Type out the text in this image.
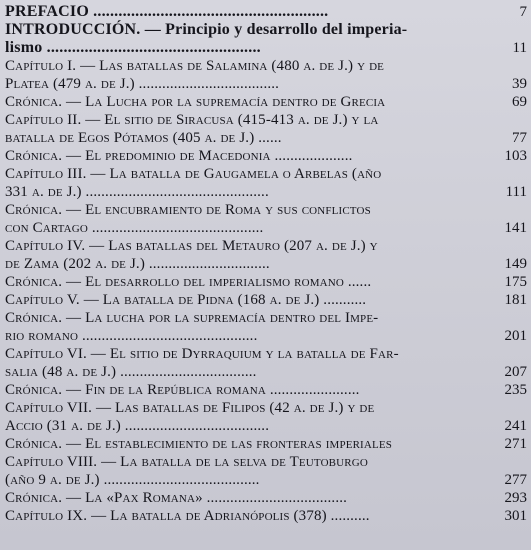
PREFACIO ........................................................	7
INTRODUCCIÓN. — Principio y desarrollo del imperia-
lismo ...................................................	11
Capítulo I. — Las batallas de Salamina (480 a. de J.) y de
Platea (479 a. de J.) ....................................	39
Crónica. — La Lucha por la supremacía dentro de Grecia	69
Capítulo II. — El sitio de Siracusa (415-413 a. de J.) y la
batalla de Egos Pótamos (405 a. de J.) ......	77
Crónica. — El predominio de Macedonia ....................	103
Capítulo III. — La batalla de Gaugamela o Arbelas (año
331 a. de J.) ...............................................	111
Crónica. — El encubramiento de Roma y sus conflictos
con Cartago ............................................	141
Capítulo IV. — Las batallas del Metauro (207 a. de J.) y
de Zama (202 a. de J.) ...............................	149
Crónica. — El desarrollo del imperialismo romano ......	175
Capítulo V. — La batalla de Pidna (168 a. de J.) ...........	181
Crónica. — La lucha por la supremacía dentro del Impe-
rio romano .............................................	201
Capítulo VI. — El sitio de Dyrraquium y la batalla de Far-
salia (48 a. de J.) ...................................	207
Crónica. — Fin de la República romana .......................	235
Capítulo VII. — Las batallas de Filipos (42 a. de J.) y de
Accio (31 a. de J.) .....................................	241
Crónica. — El establecimiento de las fronteras imperiales	271
Capítulo VIII. — La batalla de la selva de Teutoburgo
(año 9 a. de J.) ........................................	277
Crónica. — La «Pax Romana» ....................................	293
Capítulo IX. — La batalla de Adrianópolis (378) ..........	301
